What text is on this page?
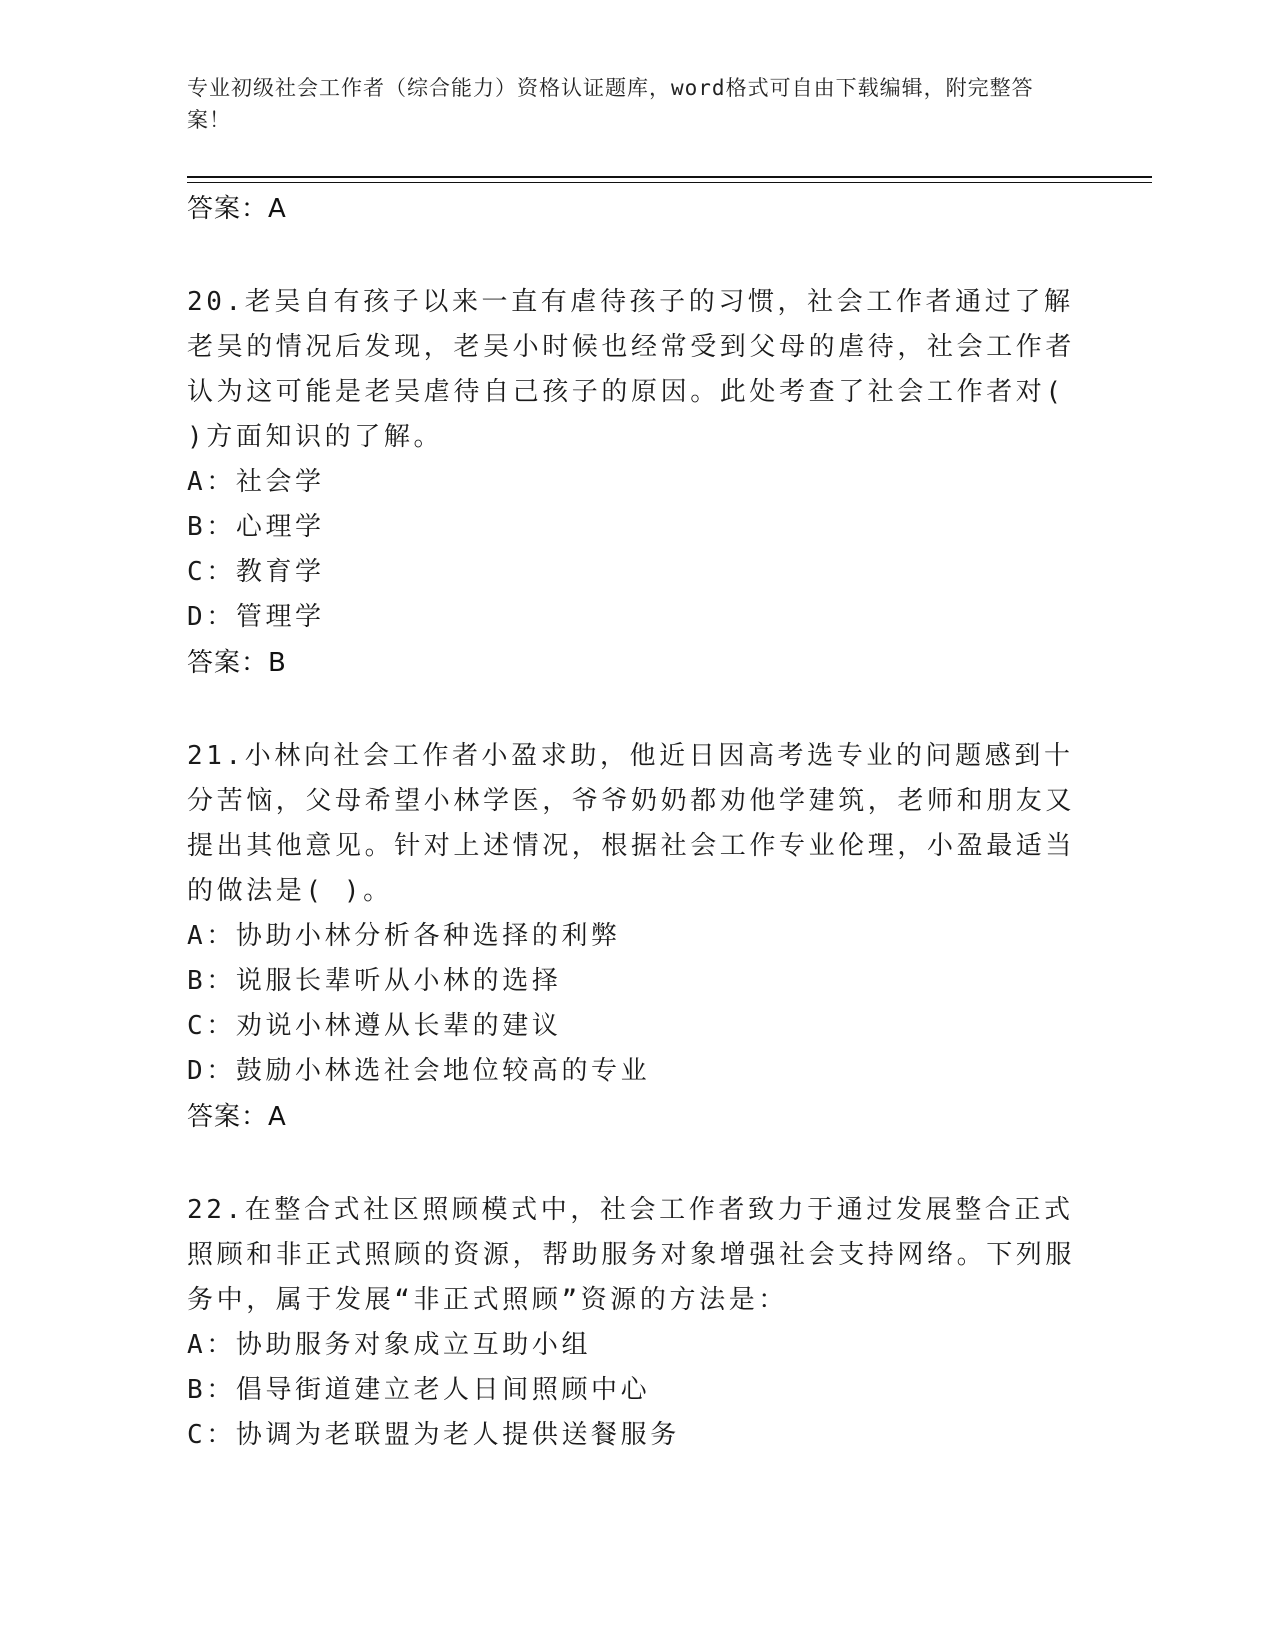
专业初级社会工作者（综合能力）资格认证题库，word格式可自由下载编辑，附完整答案！
答案：A
20.老吴自有孩子以来一直有虐待孩子的习惯，社会工作者通过了解老吴的情况后发现，老吴小时候也经常受到父母的虐待，社会工作者认为这可能是老吴虐待自己孩子的原因。此处考查了社会工作者对( )方面知识的了解。
A：社会学
B：心理学
C：教育学
D：管理学
答案：B
21.小林向社会工作者小盈求助，他近日因高考选专业的问题感到十分苦恼，父母希望小林学医，爷爷奶奶都劝他学建筑，老师和朋友又提出其他意见。针对上述情况，根据社会工作专业伦理，小盈最适当的做法是( )。
A：协助小林分析各种选择的利弊
B：说服长辈听从小林的选择
C：劝说小林遵从长辈的建议
D：鼓励小林选社会地位较高的专业
答案：A
22.在整合式社区照顾模式中，社会工作者致力于通过发展整合正式照顾和非正式照顾的资源，帮助服务对象增强社会支持网络。下列服务中，属于发展“非正式照顾”资源的方法是：
A：协助服务对象成立互助小组
B：倡导街道建立老人日间照顾中心
C：协调为老联盟为老人提供送餐服务
